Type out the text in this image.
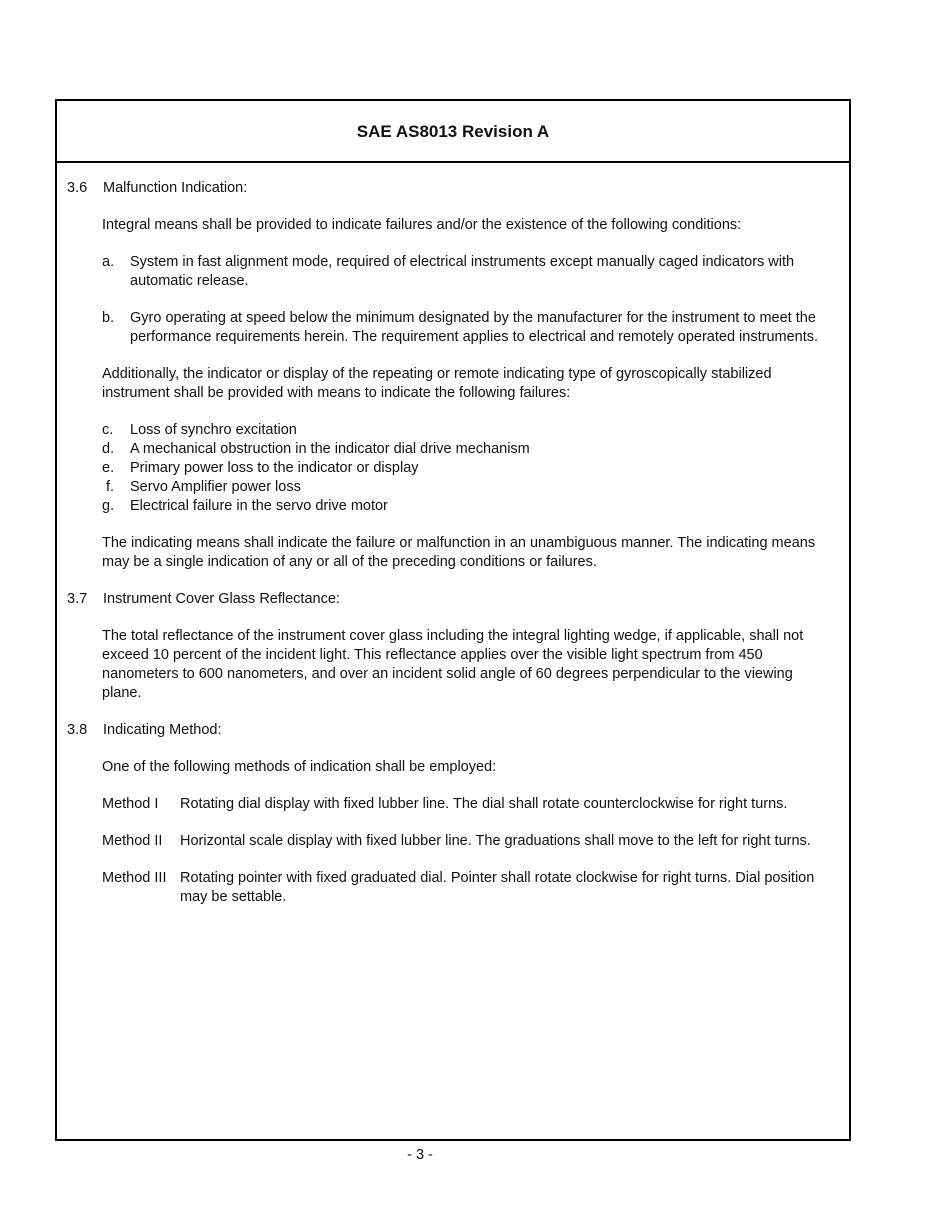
SAE AS8013 Revision A
3.6	Malfunction Indication:
Integral means shall be provided to indicate failures and/or the existence of the following conditions:
a.	System in fast alignment mode, required of electrical instruments except manually caged indicators with automatic release.
b.	Gyro operating at speed below the minimum designated by the manufacturer for the instrument to meet the performance requirements herein. The requirement applies to electrical and remotely operated instruments.
Additionally, the indicator or display of the repeating or remote indicating type of gyroscopically stabilized instrument shall be provided with means to indicate the following failures:
c.	Loss of synchro excitation
d.	A mechanical obstruction in the indicator dial drive mechanism
e.	Primary power loss to the indicator or display
f.	Servo Amplifier power loss
g.	Electrical failure in the servo drive motor
The indicating means shall indicate the failure or malfunction in an unambiguous manner. The indicating means may be a single indication of any or all of the preceding conditions or failures.
3.7	Instrument Cover Glass Reflectance:
The total reflectance of the instrument cover glass including the integral lighting wedge, if applicable, shall not exceed 10 percent of the incident light. This reflectance applies over the visible light spectrum from 450 nanometers to 600 nanometers, and over an incident solid angle of 60 degrees perpendicular to the viewing plane.
3.8	Indicating Method:
One of the following methods of indication shall be employed:
Method I	Rotating dial display with fixed lubber line. The dial shall rotate counterclockwise for right turns.
Method II	Horizontal scale display with fixed lubber line. The graduations shall move to the left for right turns.
Method III Rotating pointer with fixed graduated dial. Pointer shall rotate clockwise for right turns. Dial position may be settable.
- 3 -
